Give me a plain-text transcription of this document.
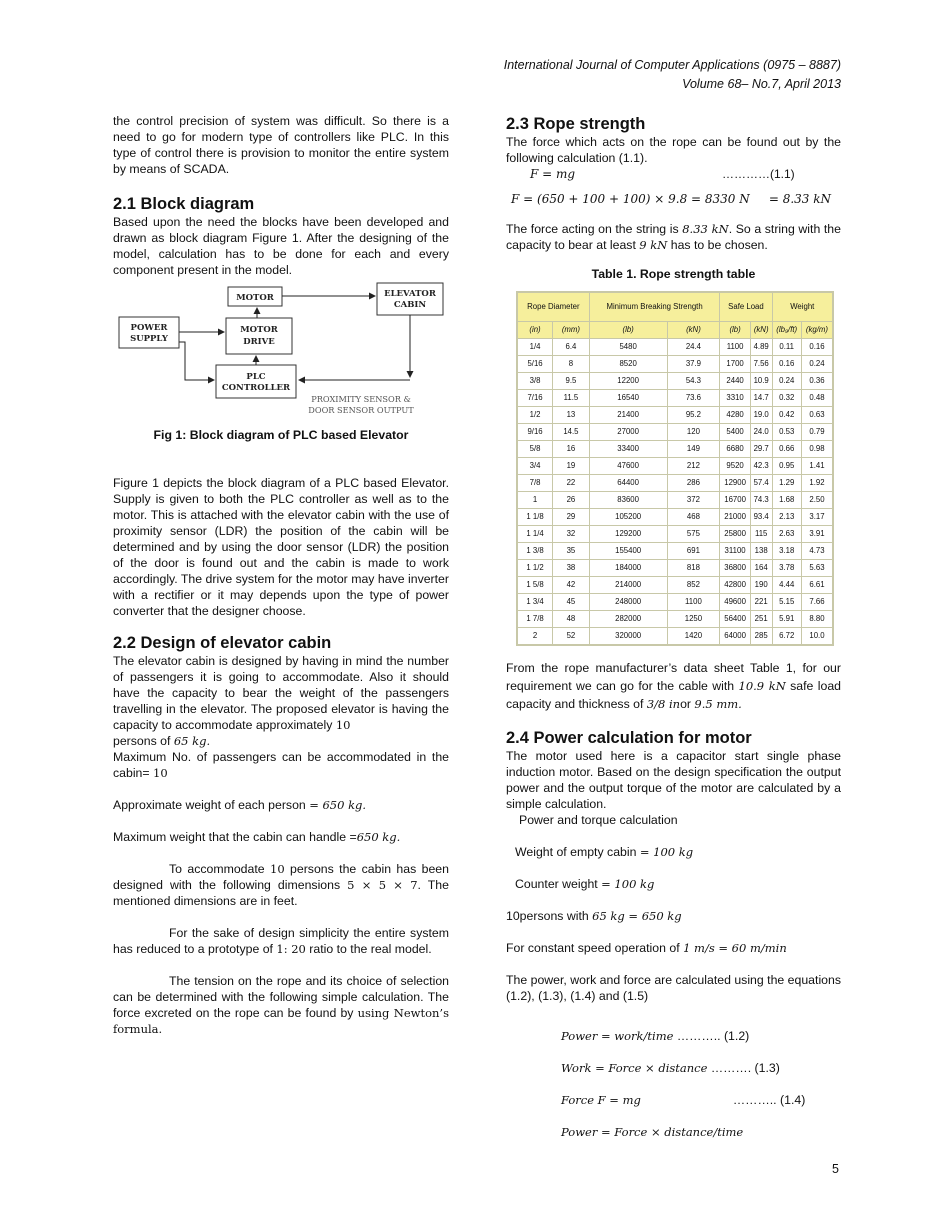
International Journal of Computer Applications (0975 – 8887)
Volume 68– No.7, April 2013

the control precision of system was difficult. So there is a need to go for modern type of controllers like PLC. In this type of control there is provision to monitor the entire system by means of SCADA.

2.1 Block diagram

Based upon the need the blocks have been developed and drawn as block diagram Figure 1. After the designing of the model, calculation has to be done for each and every component present in the model.

MOTOR	ELEVATOR
CABIN
POWER
SUPPLY
MOTOR
DRIVE
PLC
CONTROLLER
PROXIMITY SENSOR &
DOOR SENSOR OUTPUT

Fig 1: Block diagram of PLC based Elevator

Figure 1 depicts the block diagram of a PLC based Elevator. Supply is given to both the PLC controller as well as to the motor. This is attached with the elevator cabin with the use of proximity sensor (LDR) the position of the cabin will be determined and by using the door sensor (LDR) the position of the door is found out and the cabin is made to work accordingly. The drive system for the motor may have inverter with a rectifier or it may depends upon the type of power converter that the designer choose.

2.2 Design of elevator cabin

The elevator cabin is designed by having in mind the number of passengers it is going to accommodate. Also it should have the capacity to bear the weight of the passengers travelling in the elevator. The proposed elevator is having the capacity to accommodate approximately 10
persons of 65 kg.

Maximum No. of passengers can be accommodated in the cabin= 10

Approximate weight of each person = 650 kg.

Maximum weight that the cabin can handle =650 kg.

To accommodate 10 persons the cabin has been designed with the following dimensions 5 × 5 × 7. The mentioned dimensions are in feet.

For the sake of design simplicity the entire system has reduced to a prototype of 1: 20 ratio to the real model.

The tension on the rope and its choice of selection can be determined with the following simple calculation. The force excreted on the rope can be found by using Newton’s formula.

2.3 Rope strength

The force which acts on the rope can be found out by the following calculation (1.1).

F = mg	…………(1.1)
F = (650 + 100 + 100) × 9.8 = 8330 N     = 8.33 kN

The force acting on the string is 8.33 kN. So a string with the capacity to bear at least 9 kN has to be chosen.

Table 1. Rope strength table

Rope Diameter		Minimum Breaking Strength		Safe Load		Weight	
(in)	(mm)	(lb)	(kN)	(lb)	(kN)	(lb₉/ft)	(kg/m)
1/4	6.4	5480	24.4	1100	4.89	0.11	0.16
5/16	8	8520	37.9	1700	7.56	0.16	0.24
3/8	9.5	12200	54.3	2440	10.9	0.24	0.36
7/16	11.5	16540	73.6	3310	14.7	0.32	0.48
1/2	13	21400	95.2	4280	19.0	0.42	0.63
9/16	14.5	27000	120	5400	24.0	0.53	0.79
5/8	16	33400	149	6680	29.7	0.66	0.98
3/4	19	47600	212	9520	42.3	0.95	1.41
7/8	22	64400	286	12900	57.4	1.29	1.92
1	26	83600	372	16700	74.3	1.68	2.50
1 1/8	29	105200	468	21000	93.4	2.13	3.17
1 1/4	32	129200	575	25800	115	2.63	3.91
1 3/8	35	155400	691	31100	138	3.18	4.73
1 1/2	38	184000	818	36800	164	3.78	5.63
1 5/8	42	214000	852	42800	190	4.44	6.61
1 3/4	45	248000	1100	49600	221	5.15	7.66
1 7/8	48	282000	1250	56400	251	5.91	8.80
2	52	320000	1420	64000	285	6.72	10.0

From the rope manufacturer’s data sheet Table 1, for our requirement we can go for the cable with 10.9 kN safe load capacity and thickness of 3/8 inor 9.5 mm.

2.4 Power calculation for motor

The motor used here is a capacitor start single phase induction motor. Based on the design specification the output power and the output torque of the motor are calculated by a simple calculation.

Power and torque calculation

Weight of empty cabin = 100 kg

Counter weight = 100 kg

10persons with 65 kg = 650 kg

For constant speed operation of 1 m/s = 60 m/min

The power, work and force are calculated using the equations (1.2), (1.3), (1.4) and (1.5)

Power = work/time ……….. (1.2)
Work = Force × distance ………. (1.3)
Force F = mg	……….. (1.4)
Power = Force × distance/time
5
